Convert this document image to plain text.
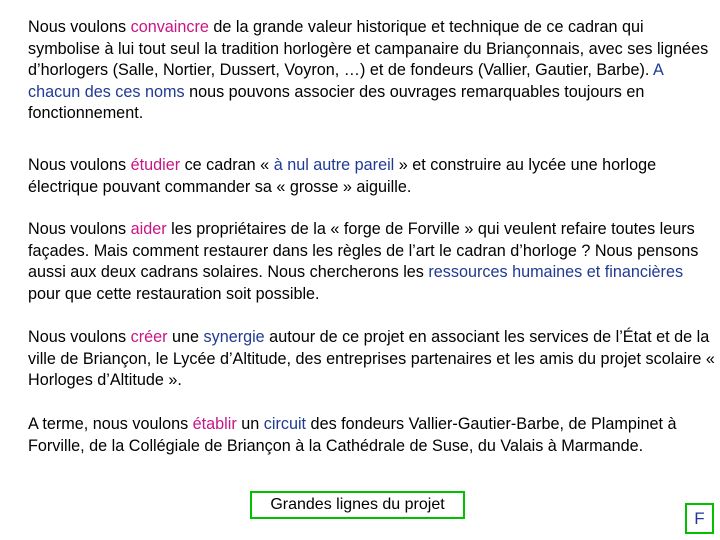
Nous voulons convaincre de la grande valeur historique et technique de ce cadran qui symbolise à lui tout seul la tradition horlogère et campanaire du Briançonnais, avec ses lignées d’horlogers (Salle, Nortier, Dussert, Voyron, …) et de fondeurs (Vallier, Gautier, Barbe). A chacun des ces noms nous pouvons associer des ouvrages remarquables toujours en fonctionnement.

Nous voulons étudier ce cadran « à nul autre pareil » et construire au lycée une horloge électrique pouvant commander sa « grosse » aiguille.

Nous voulons aider les propriétaires de la « forge de Forville » qui veulent refaire toutes leurs façades. Mais comment restaurer dans les règles de l’art le cadran d’horloge ? Nous pensons aussi aux deux cadrans solaires. Nous chercherons les ressources humaines et financières pour que cette restauration soit possible.

Nous voulons créer une synergie autour de ce projet en associant les services de l’État et de la ville de Briançon, le Lycée d’Altitude, des entreprises partenaires et les amis du projet scolaire « Horloges d’Altitude ».

A terme, nous voulons établir un circuit des fondeurs Vallier-Gautier-Barbe, de Plampinet à Forville, de la Collégiale de Briançon à la Cathédrale de Suse, du Valais à Marmande.

Grandes lignes du projet
F
